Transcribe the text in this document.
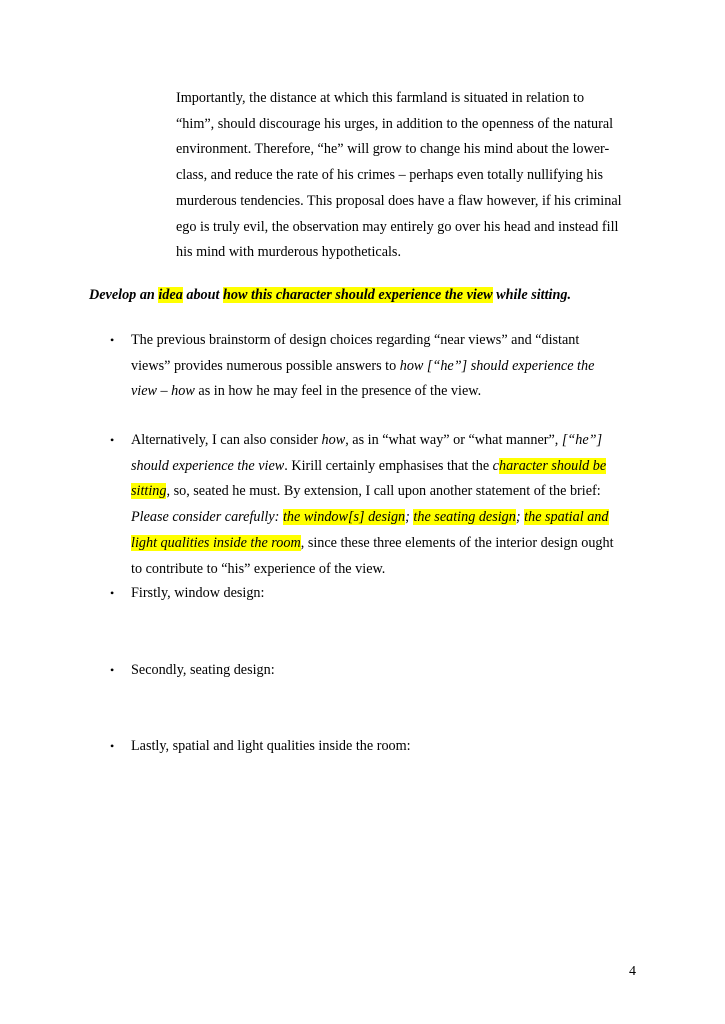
Importantly, the distance at which this farmland is situated in relation to
“him”, should discourage his urges, in addition to the openness of the natural
environment. Therefore, “he” will grow to change his mind about the lower-
class, and reduce the rate of his crimes – perhaps even totally nullifying his
murderous tendencies. This proposal does have a flaw however, if his criminal
ego is truly evil, the observation may entirely go over his head and instead fill
his mind with murderous hypotheticals.
Develop an idea about how this character should experience the view while sitting.
• The previous brainstorm of design choices regarding “near views” and “distant
views” provides numerous possible answers to how [“he”] should experience the
view – how as in how he may feel in the presence of the view.
• Alternatively, I can also consider how, as in “what way” or “what manner”, [“he”]
should experience the view. Kirill certainly emphasises that the character should be
sitting, so, seated he must. By extension, I call upon another statement of the brief:
Please consider carefully: the window[s] design; the seating design; the spatial and
light qualities inside the room, since these three elements of the interior design ought
to contribute to “his” experience of the view.
• Firstly, window design:
• Secondly, seating design:
• Lastly, spatial and light qualities inside the room:
4
